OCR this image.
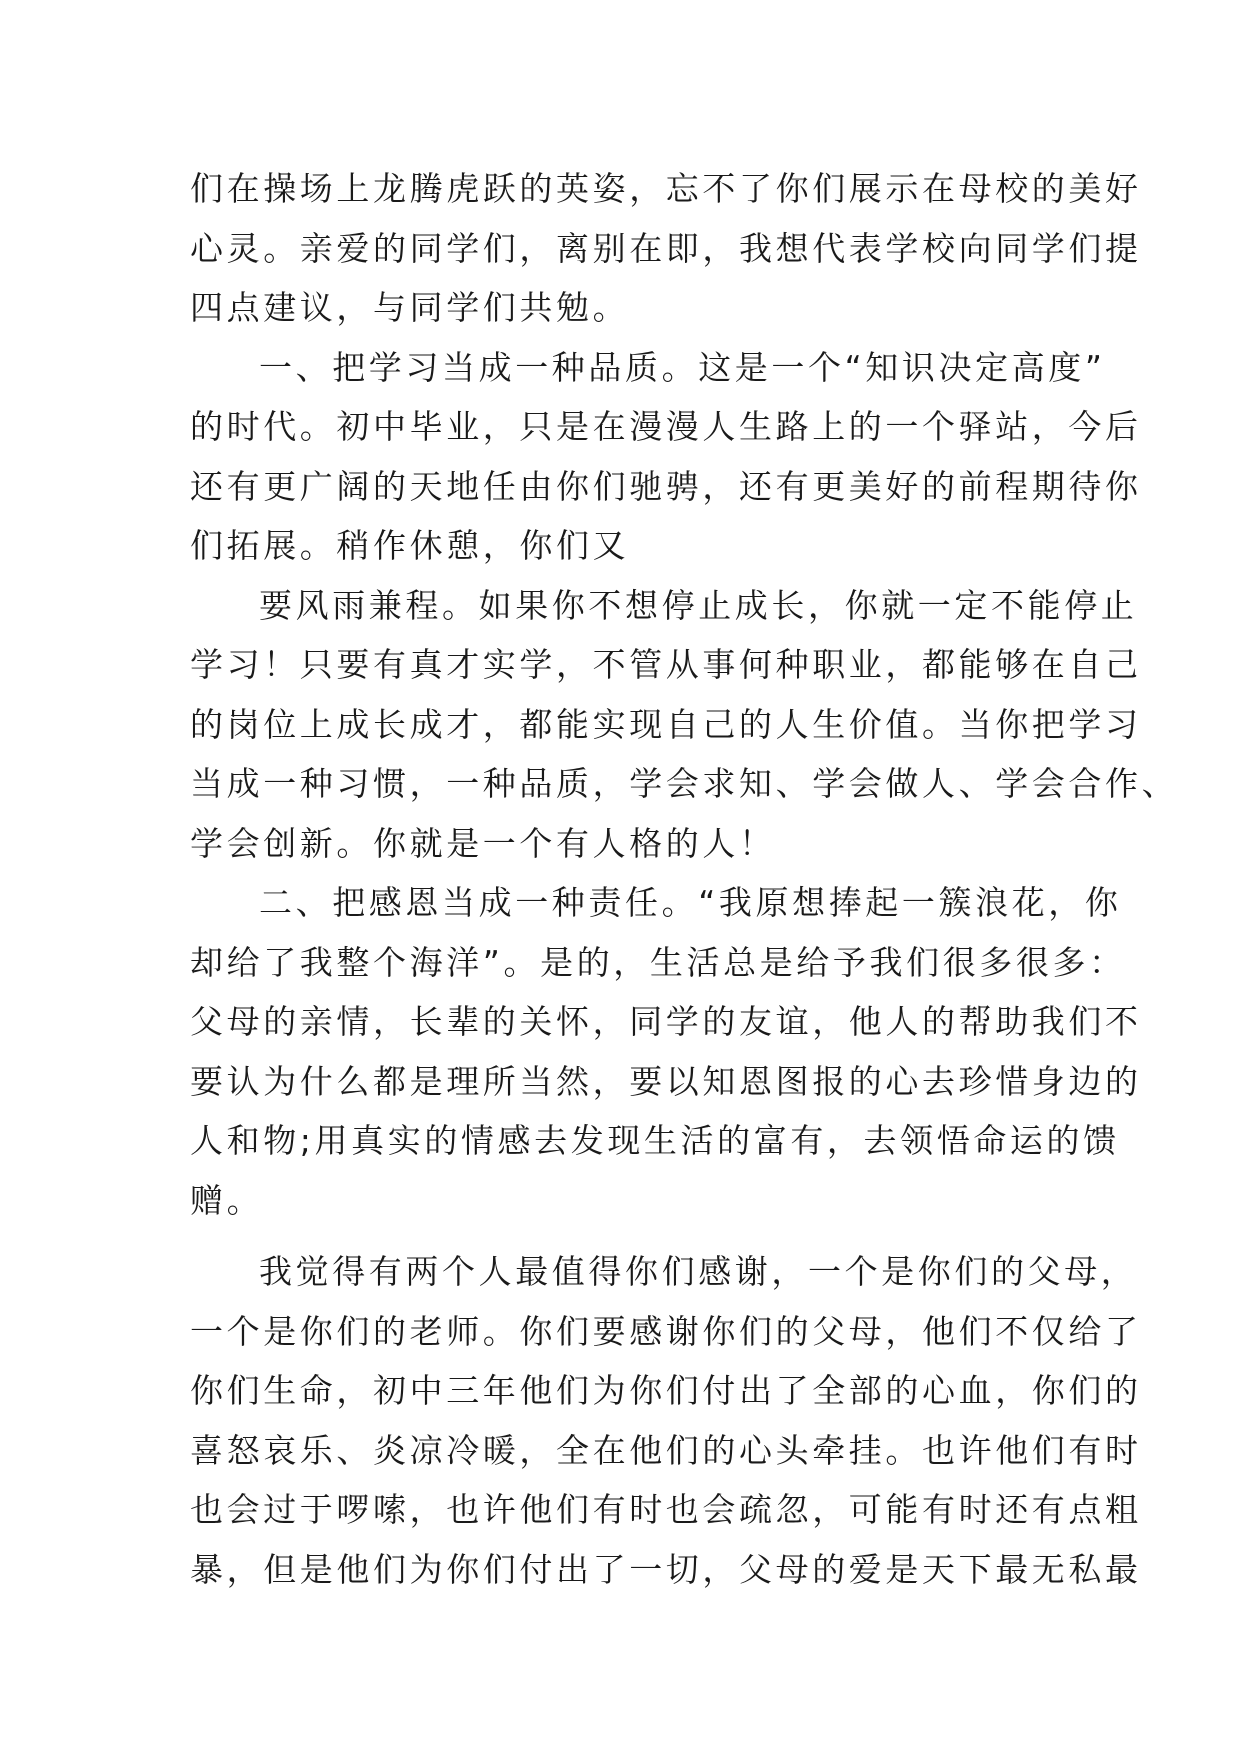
们在操场上龙腾虎跃的英姿，忘不了你们展示在母校的美好
心灵。亲爱的同学们，离别在即，我想代表学校向同学们提
四点建议，与同学们共勉。
一、把学习当成一种品质。这是一个“知识决定高度”
的时代。初中毕业，只是在漫漫人生路上的一个驿站，今后
还有更广阔的天地任由你们驰骋，还有更美好的前程期待你
们拓展。稍作休憩，你们又
要风雨兼程。如果你不想停止成长，你就一定不能停止
学习！只要有真才实学，不管从事何种职业，都能够在自己
的岗位上成长成才，都能实现自己的人生价值。当你把学习
当成一种习惯，一种品质，学会求知、学会做人、学会合作、
学会创新。你就是一个有人格的人！
二、把感恩当成一种责任。“我原想捧起一簇浪花，你
却给了我整个海洋”。是的，生活总是给予我们很多很多：
父母的亲情，长辈的关怀，同学的友谊，他人的帮助我们不
要认为什么都是理所当然，要以知恩图报的心去珍惜身边的
人和物;用真实的情感去发现生活的富有，去领悟命运的馈
赠。
我觉得有两个人最值得你们感谢，一个是你们的父母，
一个是你们的老师。你们要感谢你们的父母，他们不仅给了
你们生命，初中三年他们为你们付出了全部的心血，你们的
喜怒哀乐、炎凉冷暖，全在他们的心头牵挂。也许他们有时
也会过于啰嗦，也许他们有时也会疏忽，可能有时还有点粗
暴，但是他们为你们付出了一切，父母的爱是天下最无私最
